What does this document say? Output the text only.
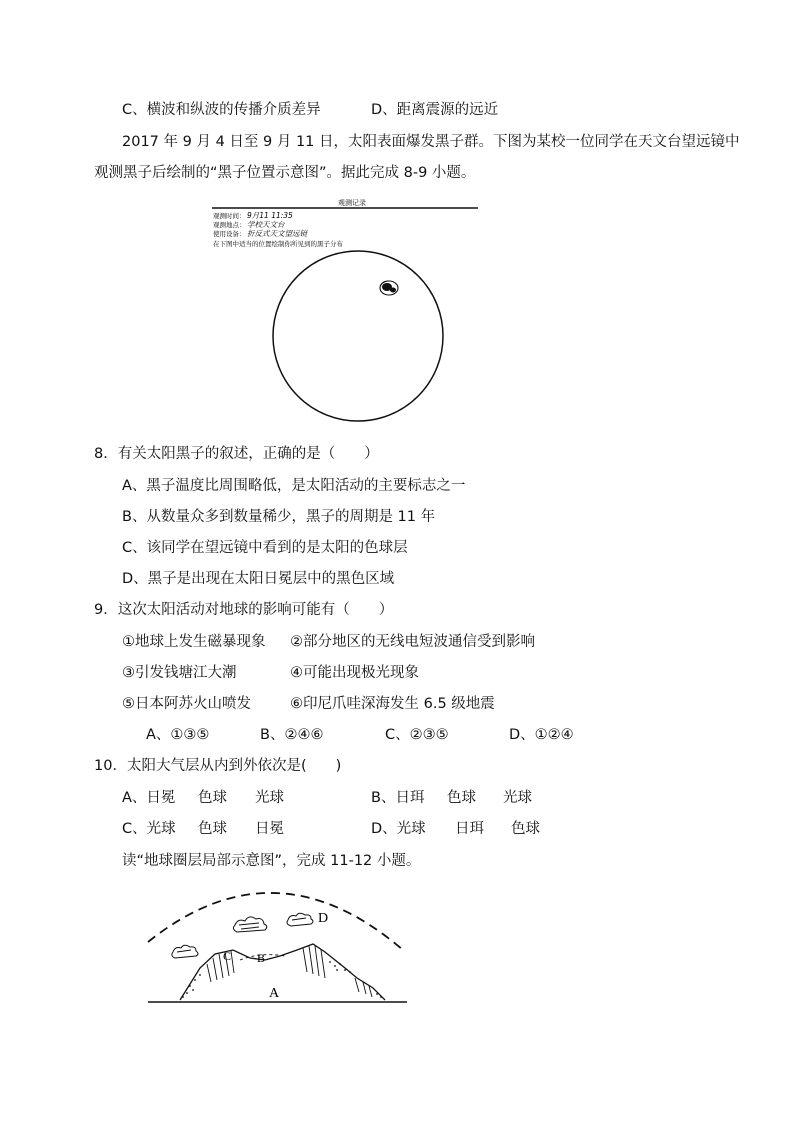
C、横波和纵波的传播介质差异	D、距离震源的远近
2017 年 9 月 4 日至 9 月 11 日，太阳表面爆发黑子群。下图为某校一位同学在天文台望远镜中
观测黑子后绘制的“黑子位置示意图”。据此完成 8-9 小题。
观测记录
观测时间： 9月11 11:35
观测地点： 学校天文台
使用设备： 折反式天文望远镜
在下图中适当的位置绘制你所见到的黑子分布
8．有关太阳黑子的叙述，正确的是（　　）
A、黑子温度比周围略低，是太阳活动的主要标志之一
B、从数量众多到数量稀少，黑子的周期是 11 年
C、该同学在望远镜中看到的是太阳的色球层
D、黑子是出现在太阳日冕层中的黑色区域
9．这次太阳活动对地球的影响可能有（　　）
①地球上发生磁暴现象 ②部分地区的无线电短波通信受到影响
③引发钱塘江大潮	④可能出现极光现象
⑤日本阿苏火山喷发	⑥印尼爪哇深海发生 6.5 级地震
A、①③⑤	B、②④⑥	C、②③⑤	D、①②④
10．太阳大气层从内到外依次是(　　)
A、日冕 色球 光球	B、日珥 色球 光球
C、光球 色球 日冕	D、光球 日珥 色球
读“地球圈层局部示意图”，完成 11-12 小题。
A
B
C
D
